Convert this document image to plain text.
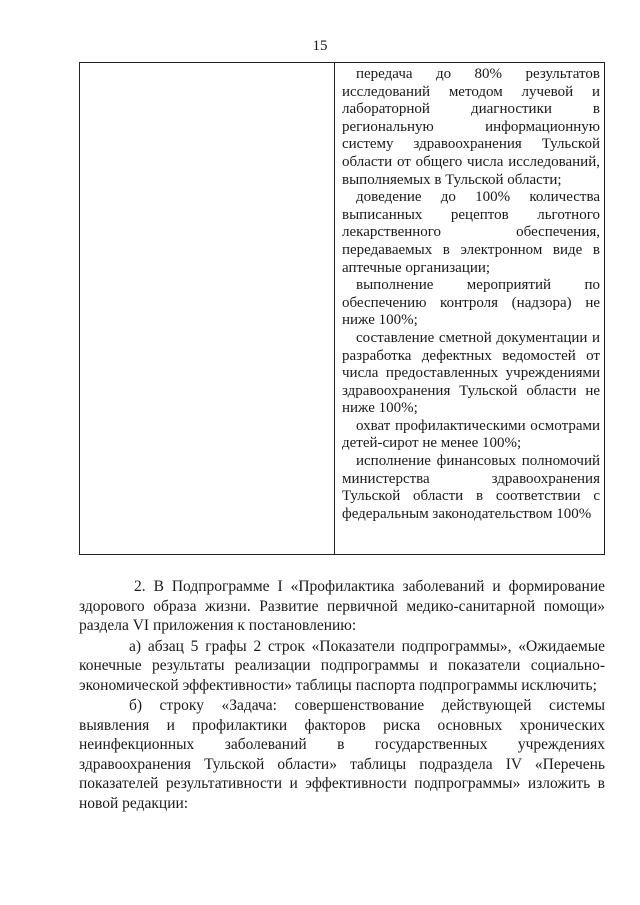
15

передача до 80% результатов исследований методом лучевой и лабораторной диагностики в региональную информационную систему здравоохранения Тульской области от общего числа исследований, выполняемых в Тульской области;

доведение до 100% количества выписанных рецептов льготного лекарственного обеспечения, передаваемых в электронном виде в аптечные организации;

выполнение мероприятий по обеспечению контроля (надзора) не ниже 100%;

составление сметной документации и разработка дефектных ведомостей от числа предоставленных учреждениями здравоохранения Тульской области не ниже 100%;

охват профилактическими осмотрами детей-сирот не менее 100%;

исполнение финансовых полномочий министерства здравоохранения Тульской области в соответствии с федеральным законодательством 100%

2. В Подпрограмме I «Профилактика заболеваний и формирование здорового образа жизни. Развитие первичной медико-санитарной помощи» раздела VI приложения к постановлению:

а) абзац 5 графы 2 строк «Показатели подпрограммы», «Ожидаемые конечные результаты реализации подпрограммы и показатели социально-экономической эффективности» таблицы паспорта подпрограммы исключить;

б) строку «Задача: совершенствование действующей системы выявления и профилактики факторов риска основных хронических неинфекционных заболеваний в государственных учреждениях здравоохранения Тульской области» таблицы подраздела IV «Перечень показателей результативности и эффективности подпрограммы» изложить в новой редакции:
